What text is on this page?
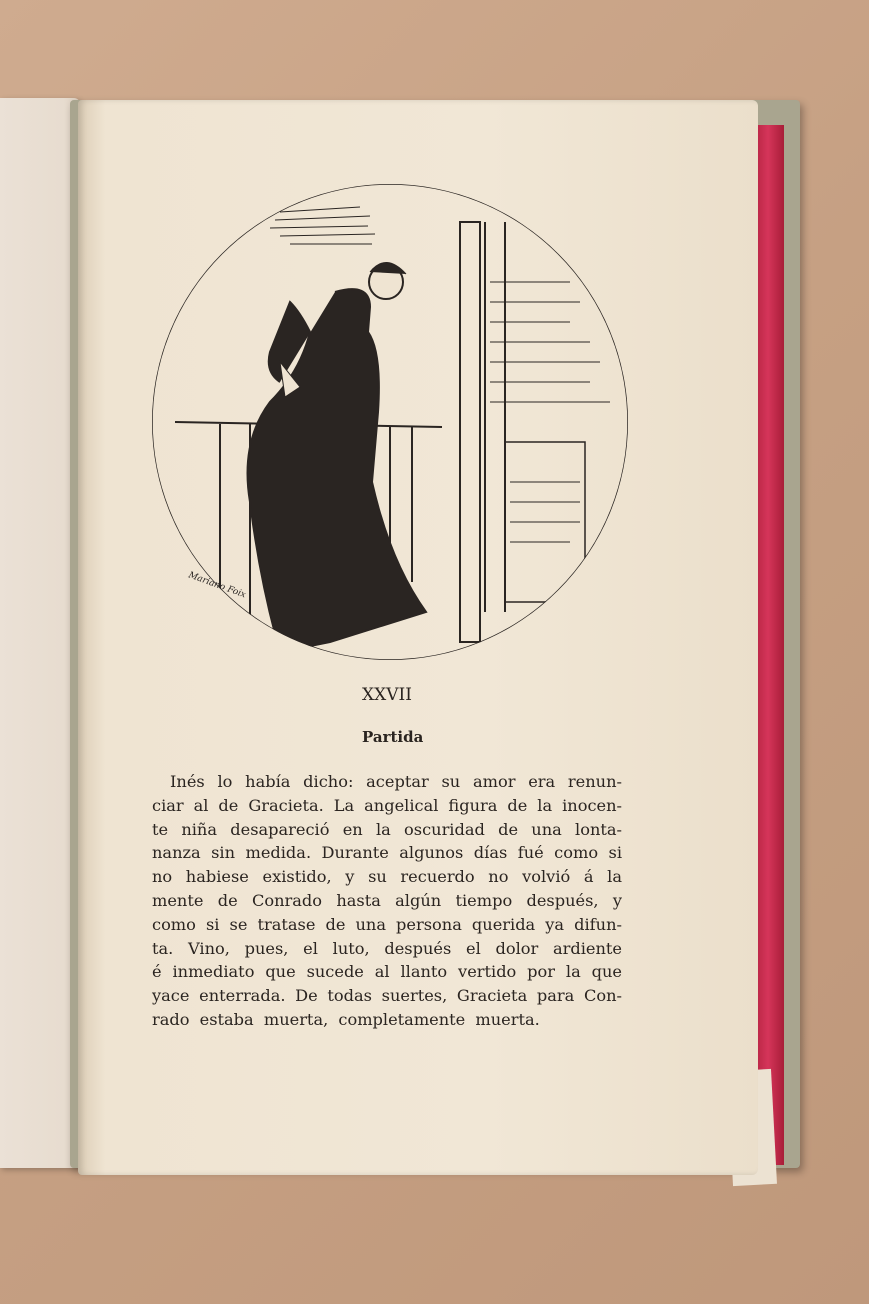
Mariano Foix
XXVII
Partida
Inés lo había dicho: aceptar su amor era renun-
ciar al de Gracieta. La angelical figura de la inocen-
te niña desapareció en la oscuridad de una lonta-
nanza sin medida. Durante algunos días fué como si
no habiese existido, y su recuerdo no volvió á la
mente de Conrado hasta algún tiempo después, y
como si se tratase de una persona querida ya difun-
ta. Vino, pues, el luto, después el dolor ardiente
é inmediato que sucede al llanto vertido por la que
yace enterrada. De todas suertes, Gracieta para Con-
rado estaba muerta, completamente muerta.
